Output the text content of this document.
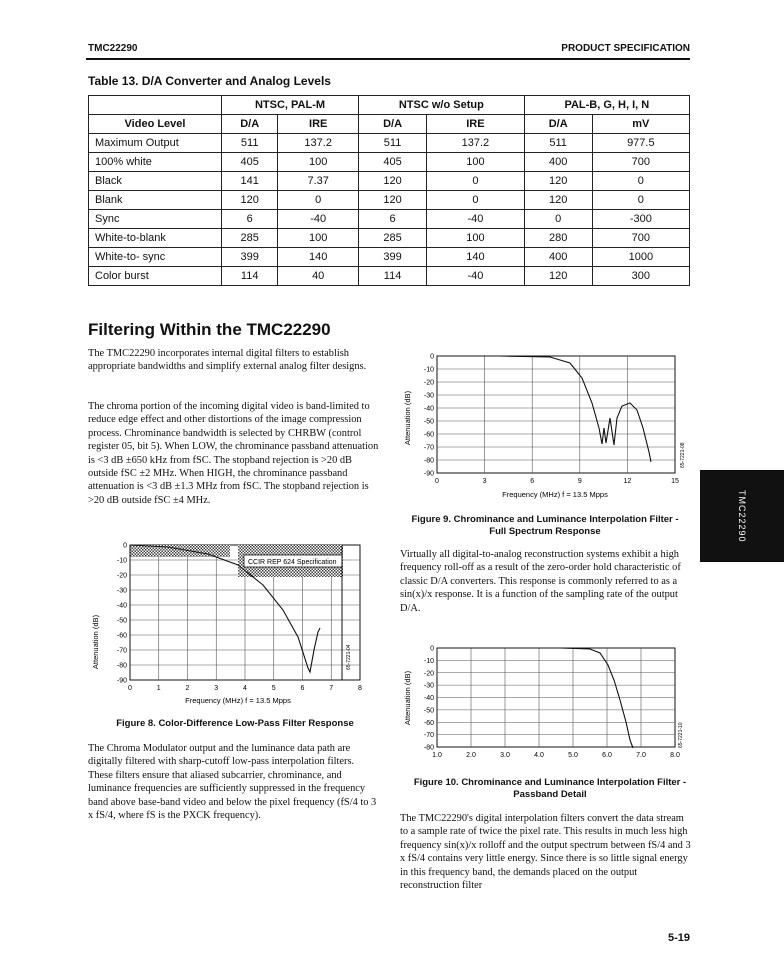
TMC22290	PRODUCT SPECIFICATION
Table 13. D/A Converter and Analog Levels
	NTSC, PAL-M		NTSC w/o Setup		PAL-B, G, H, I, N	
Video Level	D/A	IRE	D/A	IRE	D/A	mV
Maximum Output	511	137.2	511	137.2	511	977.5
100% white	405	100	405	100	400	700
Black	141	7.37	120	0	120	0
Blank	120	0	120	0	120	0
Sync	6	-40	6	-40	0	-300
White-to-blank	285	100	285	100	280	700
White-to- sync	399	140	399	140	400	1000
Color burst	114	40	114	-40	120	300
Filtering Within the TMC22290
The TMC22290 incorporates internal digital filters to establish appropriate bandwidths and simplify external analog filter designs.
The chroma portion of the incoming digital video is band-limited to reduce edge effect and other distortions of the image compression process. Chrominance bandwidth is selected by CHRBW (control register 05, bit 5). When LOW, the chrominance passband attenuation is <3 dB ±650 kHz from fSC. The stopband rejection is >20 dB outside fSC ±2 MHz. When HIGH, the chrominance passband attenuation is <3 dB ±1.3 MHz from fSC. The stopband rejection is >20 dB outside fSC ±4 MHz.
0
-10
-20
-30
-40
-50
-60
-70
-80
-90
0	1	2	3	4	5	6	7	8
CCIR REP 624 Specification
Attenuation (dB)	65-7221-04
Frequency (MHz) f = 13.5 Mpps
Figure 8. Color-Difference Low-Pass Filter Response
The Chroma Modulator output and the luminance data path are digitally filtered with sharp-cutoff low-pass interpolation filters. These filters ensure that aliased subcarrier, chrominance, and luminance frequencies are sufficiently suppressed in the frequency band above base-band video and below the pixel frequency (fS/4 to 3 x fS/4, where fS is the PXCK frequency).
0
-10
-20
-30
-40
-50
-60
-70
-80
-90
0	3	6	9	12	15
Attenuation (dB)
65-7221-08
Frequency (MHz) f = 13.5 Mpps
Figure 9. Chrominance and Luminance Interpolation Filter - Full Spectrum Response	TMC22290
Virtually all digital-to-analog reconstruction systems exhibit a high frequency roll-off as a result of the zero-order hold characteristic of classic D/A converters. This response is commonly referred to as a sin(x)/x response. It is a function of the sampling rate of the output D/A.
0
-10
-20
-30
-40
-50
-60
-70
-80
1.0	2.0	3.0	4.0	5.0	6.0	7.0	8.0
Attenuation (dB)
65-7221-10
Figure 10. Chrominance and Luminance Interpolation Filter - Passband Detail
The TMC22290's digital interpolation filters convert the data stream to a sample rate of twice the pixel rate. This results in much less high frequency sin(x)/x rolloff and the output spectrum between fS/4 and 3 x fS/4 contains very little energy. Since there is so little signal energy in this frequency band, the demands placed on the output reconstruction filter
5-19
